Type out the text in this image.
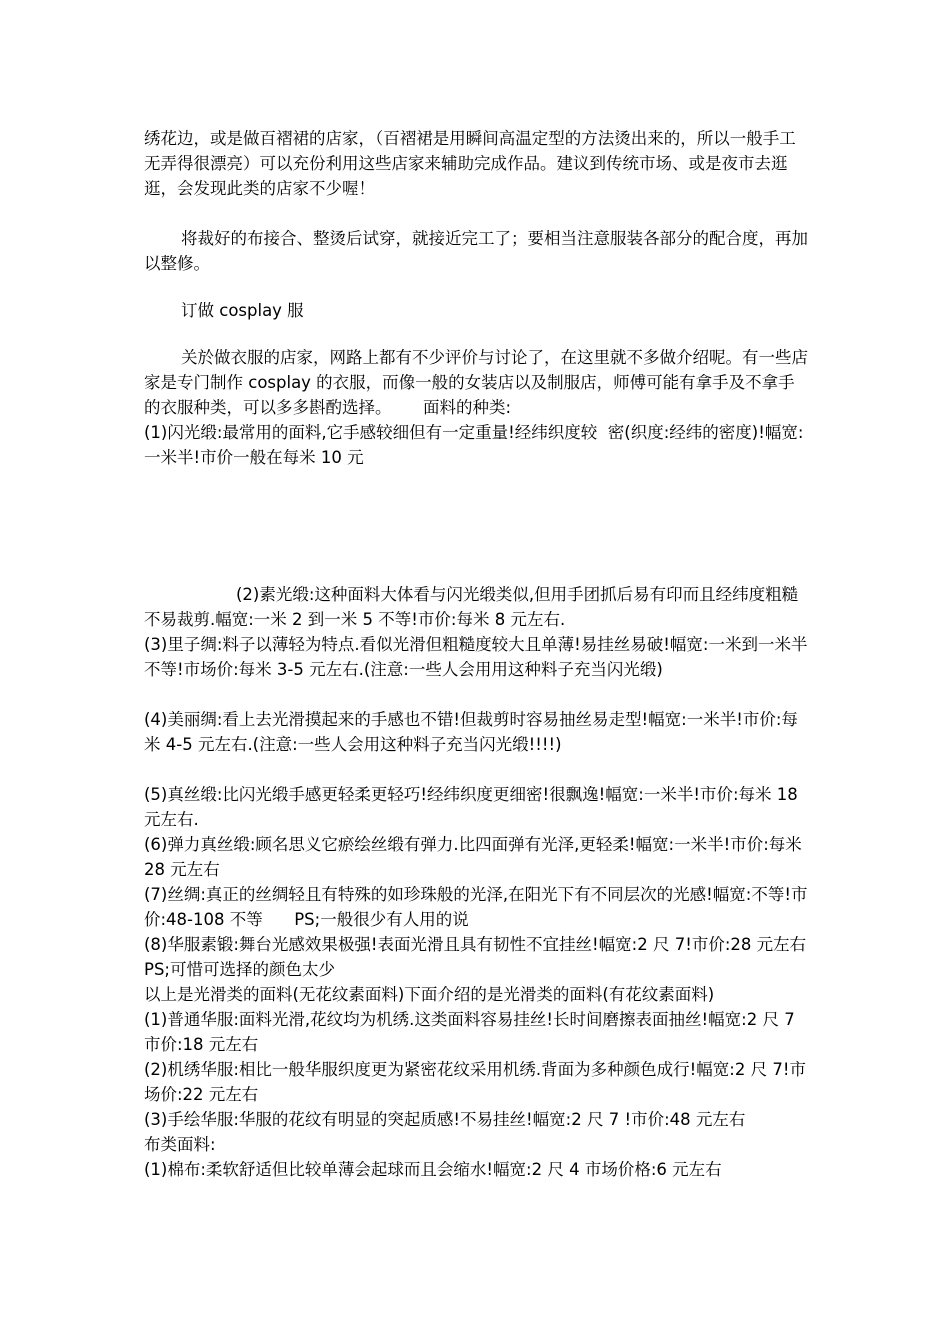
绣花边，或是做百褶裙的店家，（百褶裙是用瞬间高温定型的方法烫出来的，所以一般手工无弄得很漂亮）可以充份利用这些店家来辅助完成作品。建议到传统市场、或是夜市去逛逛，会发现此类的店家不少喔！

将裁好的布接合、整烫后试穿，就接近完工了；要相当注意服装各部分的配合度，再加以整修。

订做 cosplay 服

关於做衣服的店家，网路上都有不少评价与讨论了，在这里就不多做介绍呢。有一些店家是专门制作 cosplay 的衣服，而像一般的女装店以及制服店，师傅可能有拿手及不拿手的衣服种类，可以多多斟酌选择。      面料的种类:

(1)闪光缎:最常用的面料,它手感较细但有一定重量!经纬织度较  密(织度:经纬的密度)!幅宽:一米半!市价一般在每米 10 元

(2)素光缎:这种面料大体看与闪光缎类似,但用手团抓后易有印而且经纬度粗糙不易裁剪.幅宽:一米 2 到一米 5 不等!市价:每米 8 元左右.

(3)里子绸:料子以薄轻为特点.看似光滑但粗糙度较大且单薄!易挂丝易破!幅宽:一米到一米半不等!市场价:每米 3-5 元左右.(注意:一些人会用用这种料子充当闪光缎)

(4)美丽绸:看上去光滑摸起来的手感也不错!但裁剪时容易抽丝易走型!幅宽:一米半!市价:每米 4-5 元左右.(注意:一些人会用这种料子充当闪光缎!!!!)

(5)真丝缎:比闪光缎手感更轻柔更轻巧!经纬织度更细密!很飘逸!幅宽:一米半!市价:每米 18 元左右.

(6)弹力真丝缎:顾名思义它瘀绘丝缎有弹力.比四面弹有光泽,更轻柔!幅宽:一米半!市价:每米 28 元左右

(7)丝绸:真正的丝绸轻且有特殊的如珍珠般的光泽,在阳光下有不同层次的光感!幅宽:不等!市价:48-108 不等      PS;一般很少有人用的说

(8)华服素锻:舞台光感效果极强!表面光滑且具有韧性不宜挂丝!幅宽:2 尺 7!市价:28 元左右          PS;可惜可选择的颜色太少

以上是光滑类的面料(无花纹素面料)下面介绍的是光滑类的面料(有花纹素面料)

(1)普通华服:面料光滑,花纹均为机绣.这类面料容易挂丝!长时间磨擦表面抽丝!幅宽:2 尺 7 市价:18 元左右

(2)机绣华服:相比一般华服织度更为紧密花纹采用机绣.背面为多种颜色成行!幅宽:2 尺 7!市场价:22 元左右

(3)手绘华服:华服的花纹有明显的突起质感!不易挂丝!幅宽:2 尺 7 !市价:48 元左右

布类面料:

(1)棉布:柔软舒适但比较单薄会起球而且会缩水!幅宽:2 尺 4 市场价格:6 元左右
